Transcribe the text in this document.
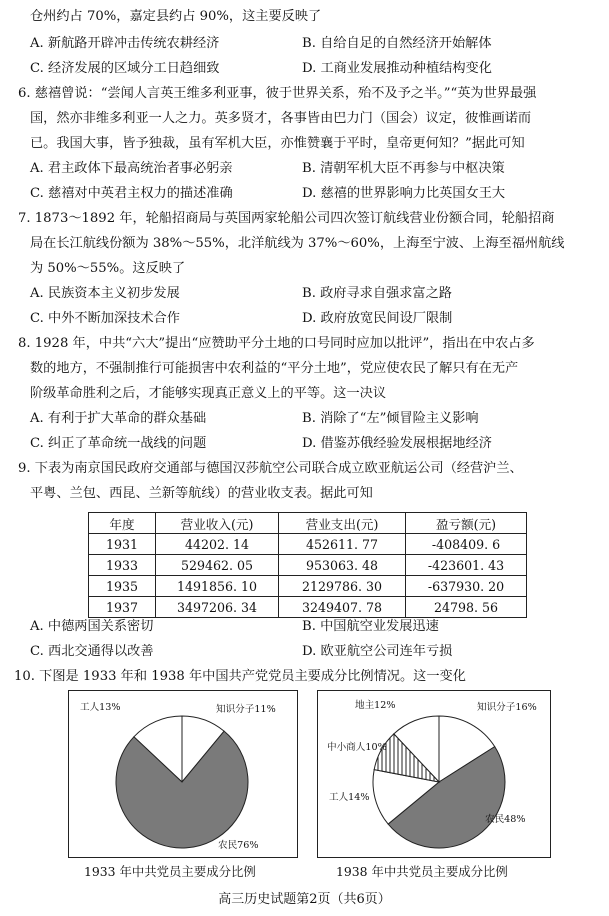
仓州约占 70%，嘉定县约占 90%，这主要反映了
A. 新航路开辟冲击传统农耕经济	B. 自给自足的自然经济开始解体
C. 经济发展的区域分工日趋细致	D. 工商业发展推动种植结构变化
6. 慈禧曾说：“尝闻人言英王维多利亚事，彼于世界关系，殆不及予之半。”“英为世界最强
国，然亦非维多利亚一人之力。英多贤才，各事皆由巴力门（国会）议定，彼惟画诺而
已。我国大事，皆予独裁，虽有军机大臣，亦惟赞襄于平时，皇帝更何知？”据此可知
A. 君主政体下最高统治者事必躬亲	B. 清朝军机大臣不再参与中枢决策
C. 慈禧对中英君主权力的描述准确	D. 慈禧的世界影响力比英国女王大
7. 1873～1892 年，轮船招商局与英国两家轮船公司四次签订航线营业份额合同，轮船招商
局在长江航线份额为 38%～55%，北洋航线为 37%～60%，上海至宁波、上海至福州航线
为 50%～55%。这反映了
A. 民族资本主义初步发展	B. 政府寻求自强求富之路
C. 中外不断加深技术合作	D. 政府放宽民间设厂限制
8. 1928 年，中共“六大”提出“应赞助平分土地的口号同时应加以批评”，指出在中农占多
数的地方，不强制推行可能损害中农利益的“平分土地”，党应使农民了解只有在无产
阶级革命胜利之后，才能够实现真正意义上的平等。这一决议
A. 有利于扩大革命的群众基础	B. 消除了“左”倾冒险主义影响
C. 纠正了革命统一战线的问题	D. 借鉴苏俄经验发展根据地经济
9. 下表为南京国民政府交通部与德国汉莎航空公司联合成立欧亚航运公司（经营沪兰、
平粤、兰包、西昆、兰新等航线）的营业收支表。据此可知
年度	营业收入(元)	营业支出(元)	盈亏额(元)
1931	44202. 14	452611. 77	-408409. 6
1933	529462. 05	953063. 48	-423601. 43
1935	1491856. 10	2129786. 30	-637930. 20
1937	3497206. 34	3249407. 78	24798. 56
A. 中德两国关系密切	B. 中国航空业发展迅速
C. 西北交通得以改善	D. 欧亚航空公司连年亏损
10. 下图是 1933 年和 1938 年中国共产党党员主要成分比例情况。这一变化
工人13%	知识分子11%
农民76%
地主12%	知识分子16%
农民48%
工人14%
中小商人10%
1933 年中共党员主要成分比例	1938 年中共党员主要成分比例
高三历史试题第2页（共6页）
